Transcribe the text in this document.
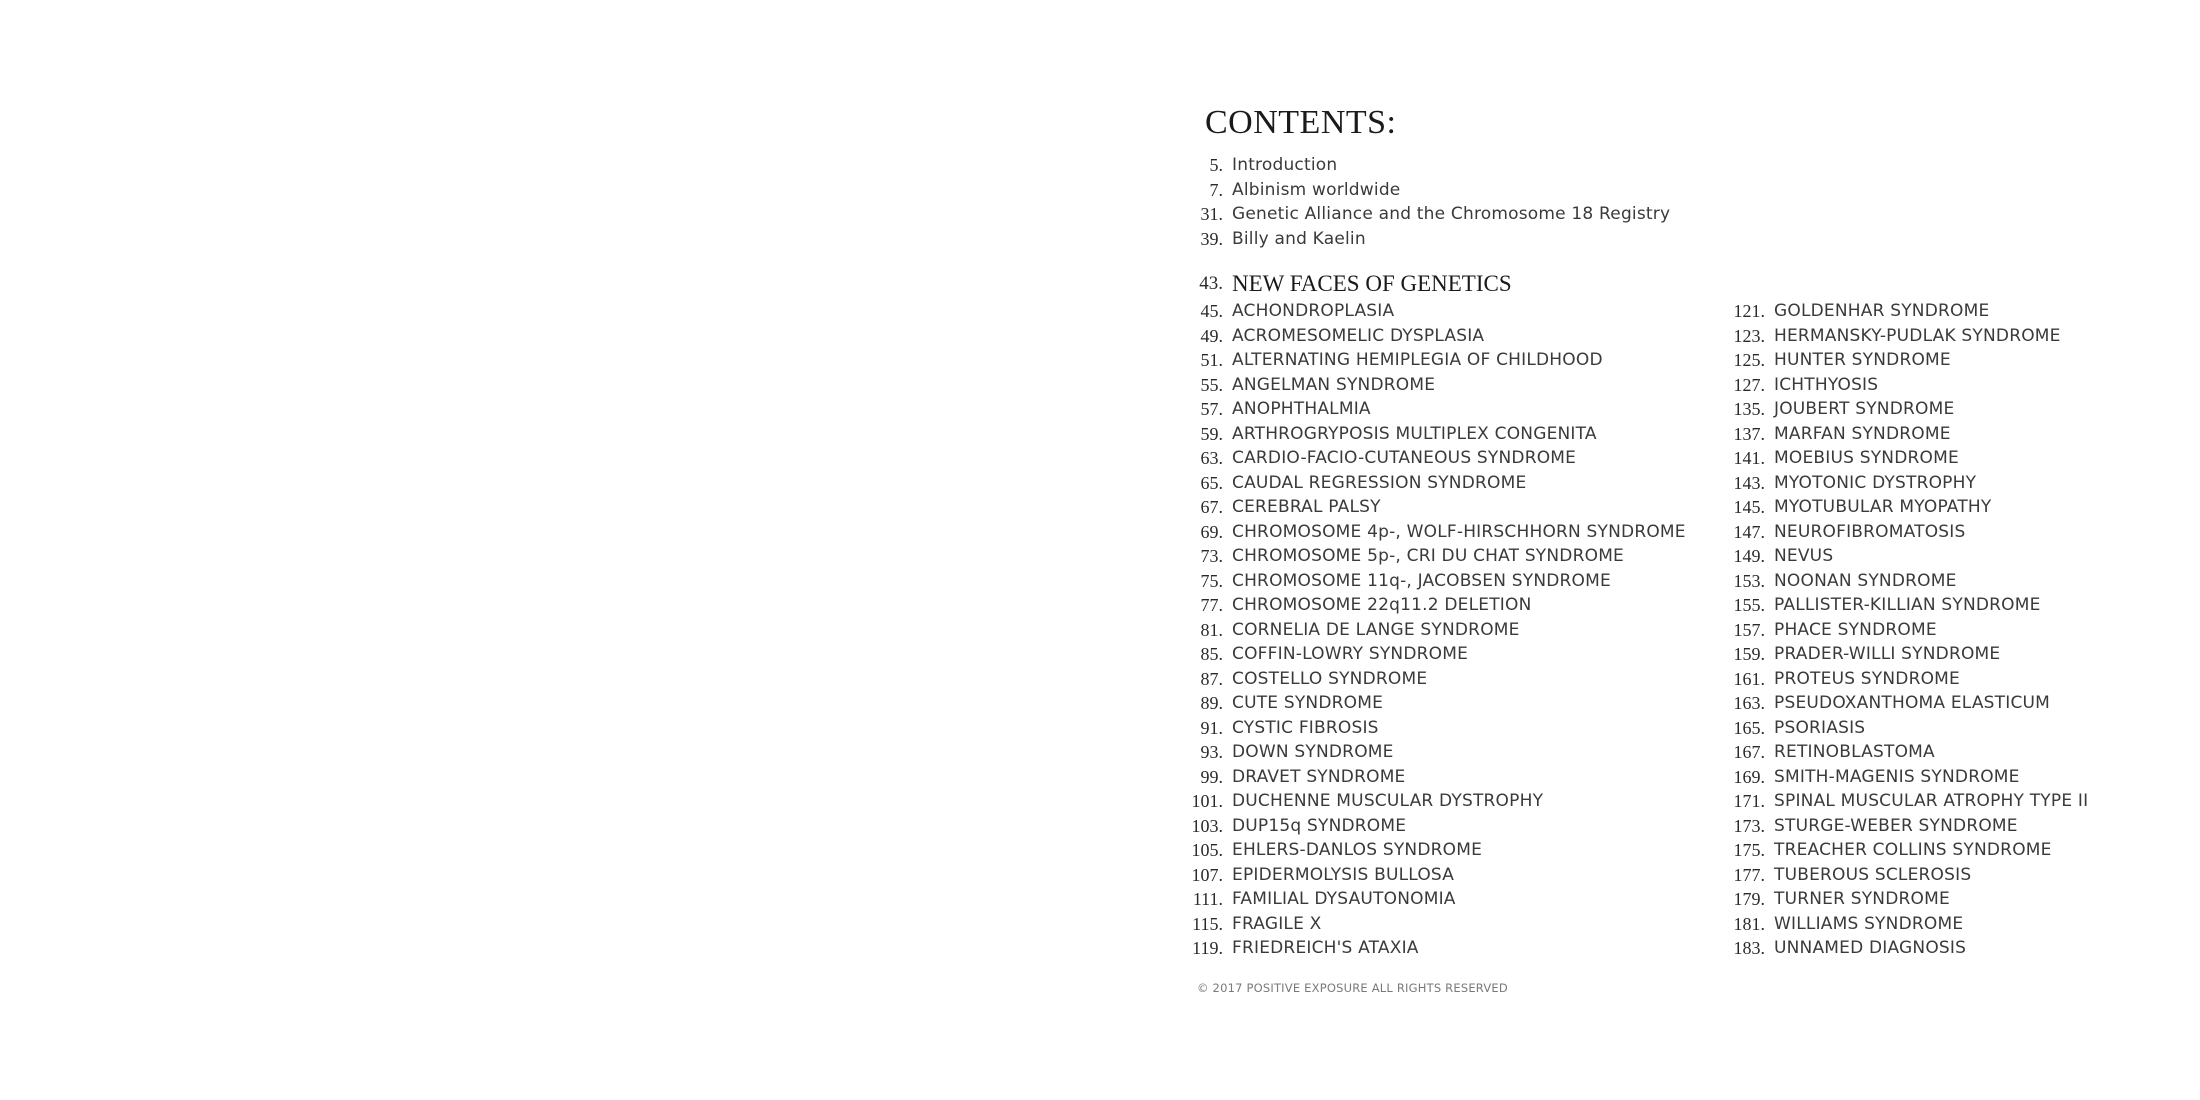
CONTENTS:
5. Introduction
7. Albinism worldwide
31. Genetic Alliance and the Chromosome 18 Registry
39. Billy and Kaelin
43. NEW FACES OF GENETICS
45. ACHONDROPLASIA
49. ACROMESOMELIC DYSPLASIA
51. ALTERNATING HEMIPLEGIA OF CHILDHOOD
55. ANGELMAN SYNDROME
57. ANOPHTHALMIA
59. ARTHROGRYPOSIS MULTIPLEX CONGENITA
63. CARDIO-FACIO-CUTANEOUS SYNDROME
65. CAUDAL REGRESSION SYNDROME
67. CEREBRAL PALSY
69. CHROMOSOME 4p-, WOLF-HIRSCHHORN SYNDROME
73. CHROMOSOME 5p-, CRI DU CHAT SYNDROME
75. CHROMOSOME 11q-, JACOBSEN SYNDROME
77. CHROMOSOME 22q11.2 DELETION
81. CORNELIA DE LANGE SYNDROME
85. COFFIN-LOWRY SYNDROME
87. COSTELLO SYNDROME
89. CUTE SYNDROME
91. CYSTIC FIBROSIS
93. DOWN SYNDROME
99. DRAVET SYNDROME
101. DUCHENNE MUSCULAR DYSTROPHY
103. DUP15q SYNDROME
105. EHLERS-DANLOS SYNDROME
107. EPIDERMOLYSIS BULLOSA
111. FAMILIAL DYSAUTONOMIA
115. FRAGILE X
119. FRIEDREICH'S ATAXIA
121. GOLDENHAR SYNDROME
123. HERMANSKY-PUDLAK SYNDROME
125. HUNTER SYNDROME
127. ICHTHYOSIS
135. JOUBERT SYNDROME
137. MARFAN SYNDROME
141. MOEBIUS SYNDROME
143. MYOTONIC DYSTROPHY
145. MYOTUBULAR MYOPATHY
147. NEUROFIBROMATOSIS
149. NEVUS
153. NOONAN SYNDROME
155. PALLISTER-KILLIAN SYNDROME
157. PHACE SYNDROME
159. PRADER-WILLI SYNDROME
161. PROTEUS SYNDROME
163. PSEUDOXANTHOMA ELASTICUM
165. PSORIASIS
167. RETINOBLASTOMA
169. SMITH-MAGENIS SYNDROME
171. SPINAL MUSCULAR ATROPHY TYPE II
173. STURGE-WEBER SYNDROME
175. TREACHER COLLINS SYNDROME
177. TUBEROUS SCLEROSIS
179. TURNER SYNDROME
181. WILLIAMS SYNDROME
183. UNNAMED DIAGNOSIS

© 2017 POSITIVE EXPOSURE ALL RIGHTS RESERVED
